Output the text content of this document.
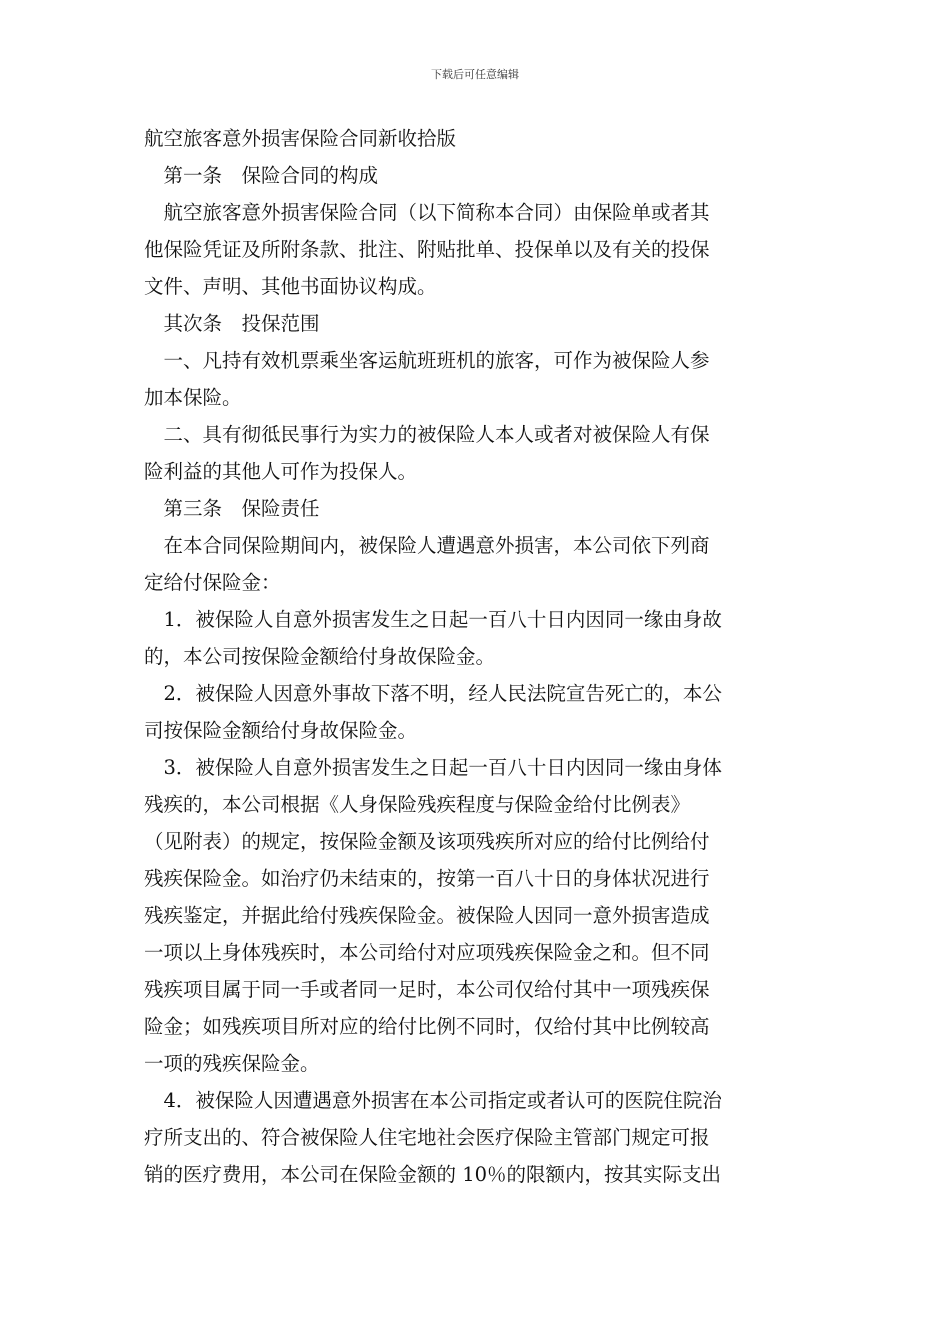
下载后可任意编辑
航空旅客意外损害保险合同新收拾版
　第一条　保险合同的构成
　航空旅客意外损害保险合同（以下简称本合同）由保险单或者其
他保险凭证及所附条款、批注、附贴批单、投保单以及有关的投保
文件、声明、其他书面协议构成。
　其次条　投保范围
　一、凡持有效机票乘坐客运航班班机的旅客，可作为被保险人参
加本保险。
　二、具有彻彽民事行为实力的被保险人本人或者对被保险人有保
险利益的其他人可作为投保人。
　第三条　保险责任
　在本合同保险期间内，被保险人遭遇意外损害，本公司依下列商
定给付保险金：
　1．被保险人自意外损害发生之日起一百八十日内因同一缘由身故
的，本公司按保险金额给付身故保险金。
　2．被保险人因意外事故下落不明，经人民法院宣告死亡的，本公
司按保险金额给付身故保险金。
　3．被保险人自意外损害发生之日起一百八十日内因同一缘由身体
残疾的，本公司根据《人身保险残疾程度与保险金给付比例表》
（见附表）的规定，按保险金额及该项残疾所对应的给付比例给付
残疾保险金。如治疗仍未结束的，按第一百八十日的身体状况进行
残疾鉴定，并据此给付残疾保险金。被保险人因同一意外损害造成
一项以上身体残疾时，本公司给付对应项残疾保险金之和。但不同
残疾项目属于同一手或者同一足时，本公司仅给付其中一项残疾保
险金；如残疾项目所对应的给付比例不同时，仅给付其中比例较高
一项的残疾保险金。
　4．被保险人因遭遇意外损害在本公司指定或者认可的医院住院治
疗所支出的、符合被保险人住宅地社会医疗保险主管部门规定可报
销的医疗费用，本公司在保险金额的 10％的限额内，按其实际支出
